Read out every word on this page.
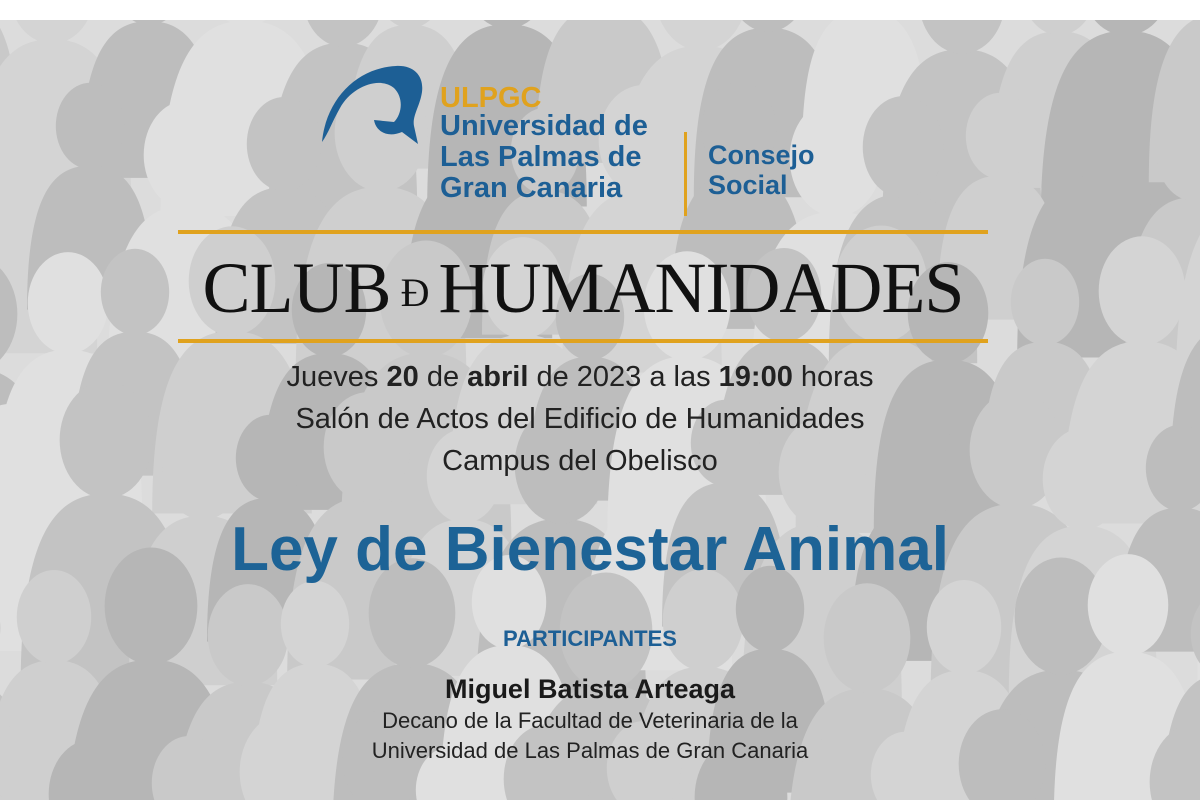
ULPGC

Universidad de

Las Palmas de

Gran Canaria

Consejo

Social

CLUB Ð HUMANIDADES

Jueves 20 de abril de 2023 a las 19:00 horas

Salón de Actos del Edificio de Humanidades

Campus del Obelisco

Ley de Bienestar Animal
PARTICIPANTES

Miguel Batista Arteaga

Decano de la Facultad de Veterinaria de la

Universidad de Las Palmas de Gran Canaria
